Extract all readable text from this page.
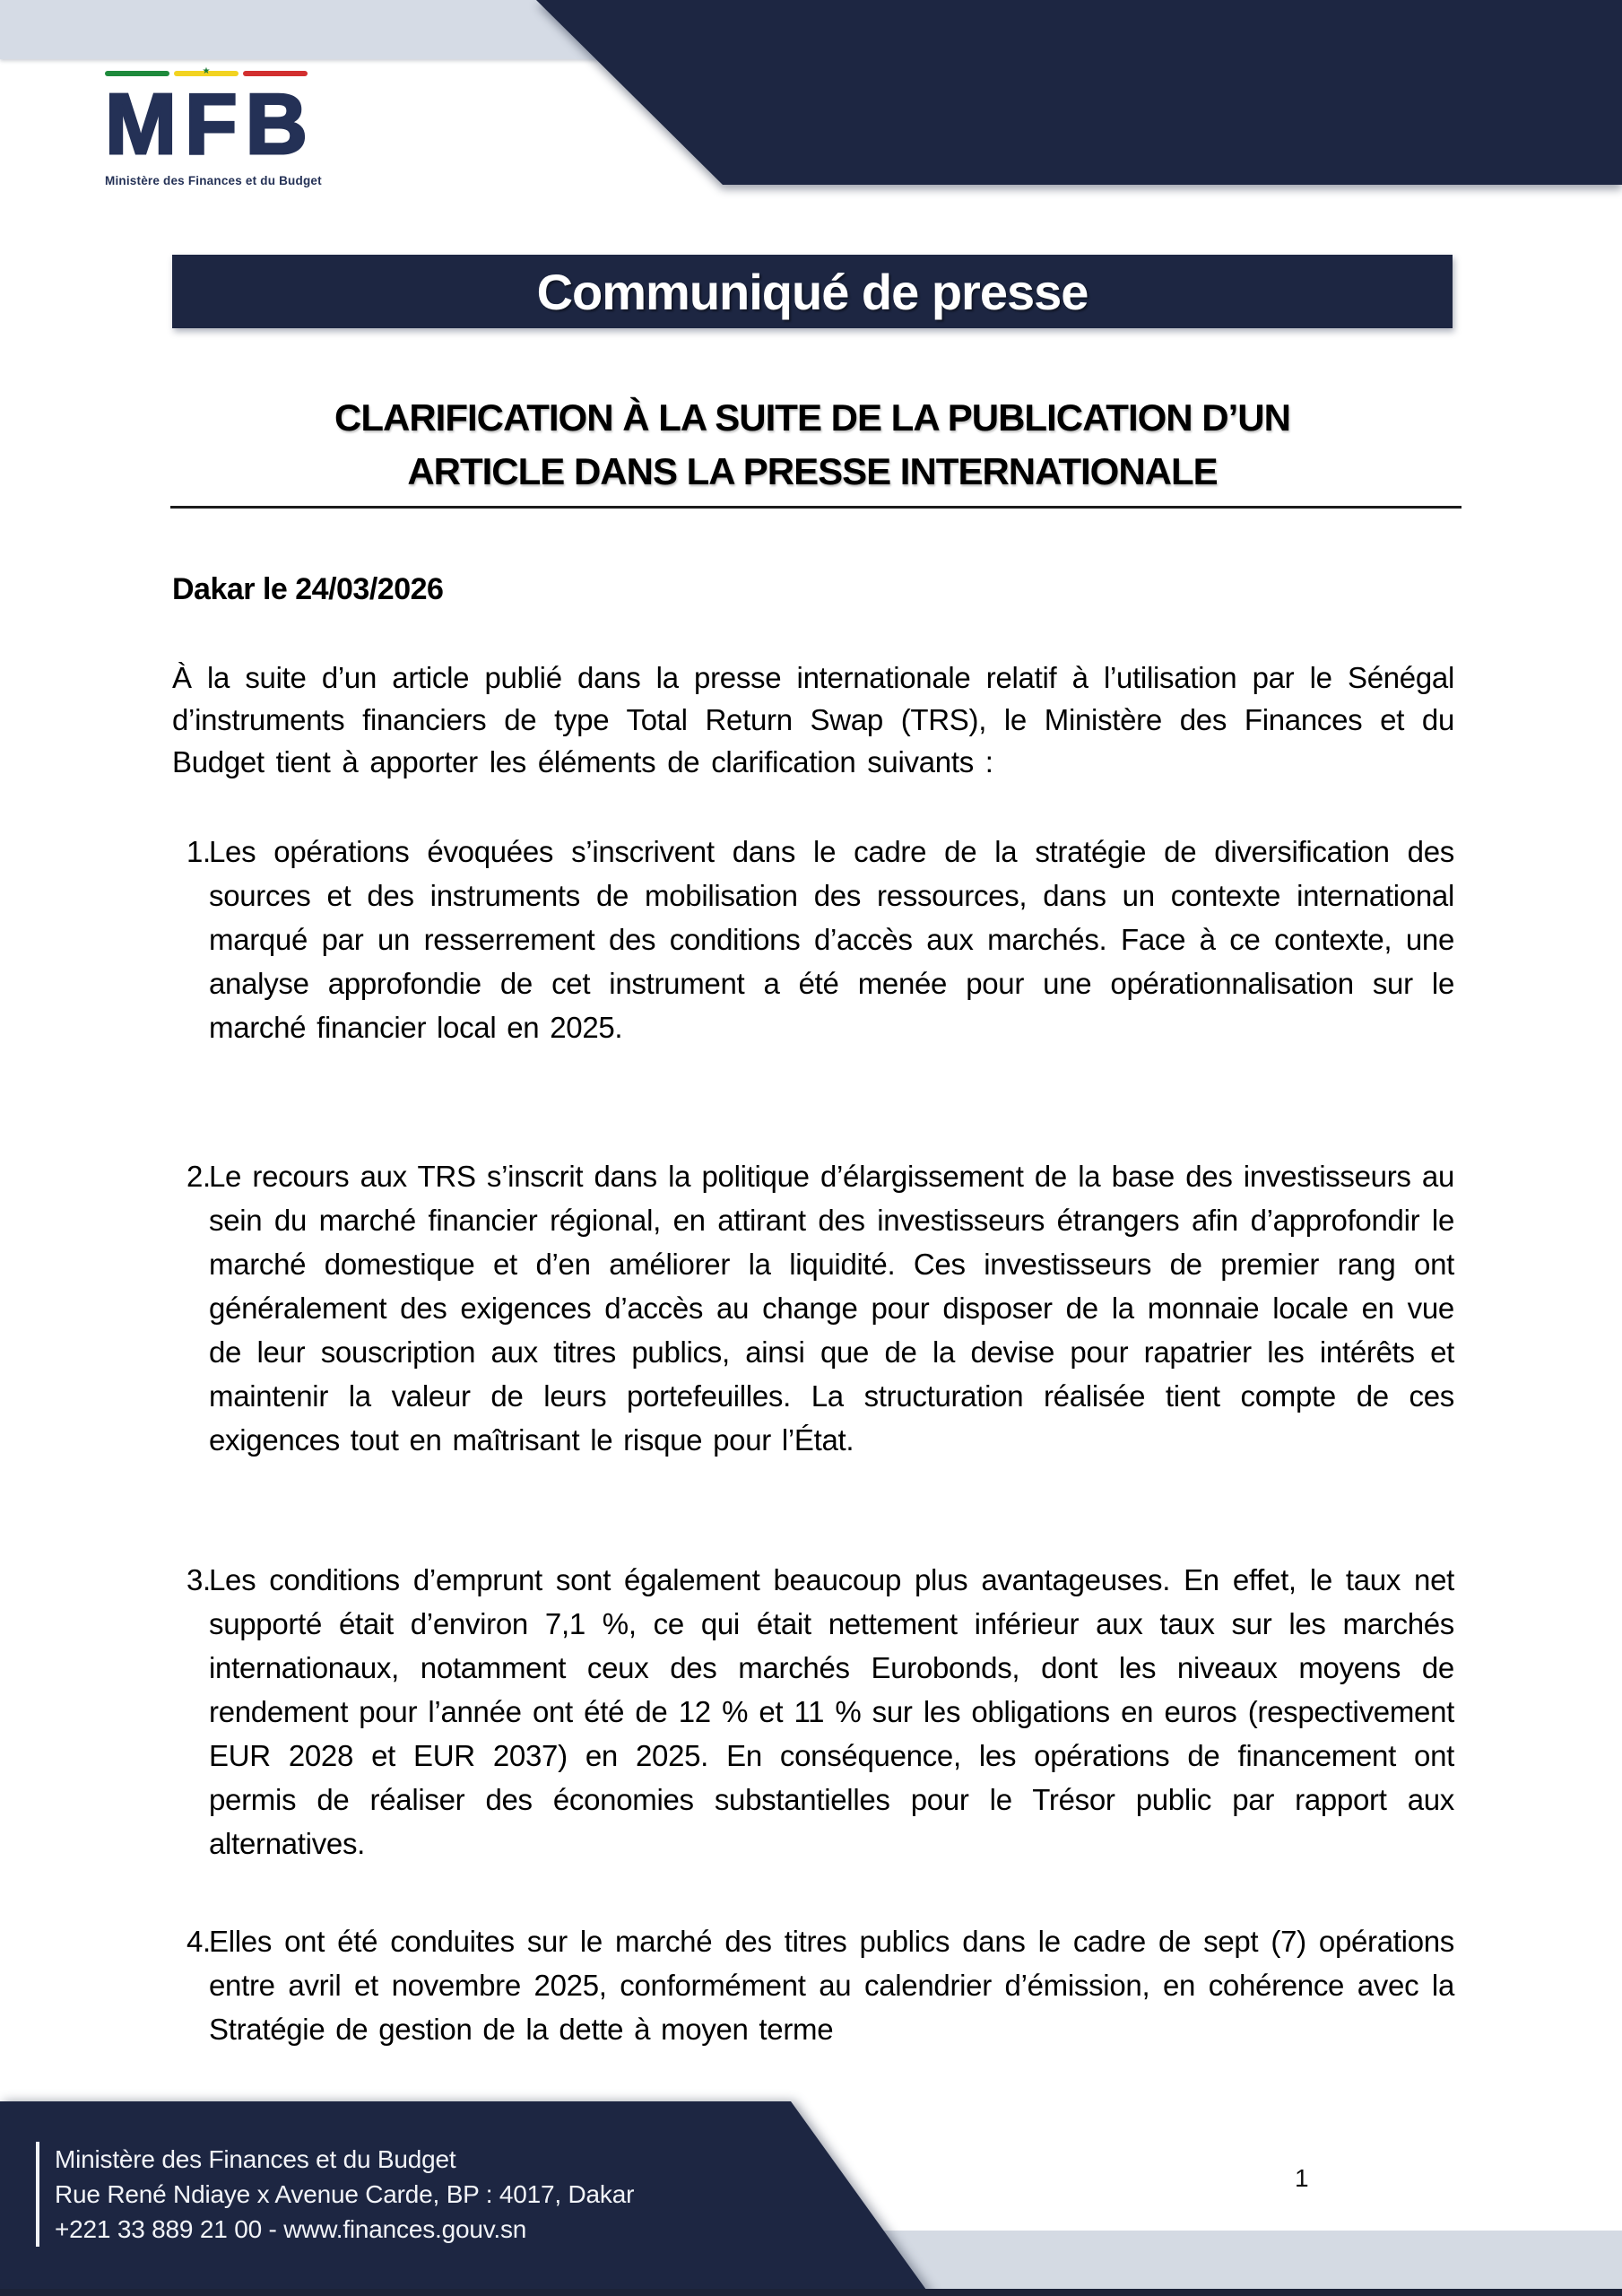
★
MFB
Ministère des Finances et du Budget
Communiqué de presse
CLARIFICATION À LA SUITE DE LA PUBLICATION D’UN
ARTICLE DANS LA PRESSE INTERNATIONALE
Dakar le 24/03/2026
À la suite d’un article publié dans la presse internationale relatif à l’utilisation par le Sénégal d’instruments financiers de type Total Return Swap (TRS), le Ministère des Finances et du Budget tient à apporter les éléments de clarification suivants :
1.
Les opérations évoquées s’inscrivent dans le cadre de la stratégie de diversification des sources et des instruments de mobilisation des ressources, dans un contexte international marqué par un resserrement des conditions d’accès aux marchés. Face à ce contexte, une analyse approfondie de cet instrument a été menée pour une opérationnalisation sur le marché financier local en 2025.
2.
Le recours aux TRS s’inscrit dans la politique d’élargissement de la base des investisseurs au sein du marché financier régional, en attirant des investisseurs étrangers afin d’approfondir le marché domestique et d’en améliorer la liquidité. Ces investisseurs de premier rang ont généralement des exigences d’accès au change pour disposer de la monnaie locale en vue de leur souscription aux titres publics, ainsi que de la devise pour rapatrier les intérêts et maintenir la valeur de leurs portefeuilles. La structuration réalisée tient compte de ces exigences tout en maîtrisant le risque pour l’État.
3.
Les conditions d’emprunt sont également beaucoup plus avantageuses. En effet, le taux net supporté était d’environ 7,1 %, ce qui était nettement inférieur aux taux sur les marchés internationaux, notamment ceux des marchés Eurobonds, dont les niveaux moyens de rendement pour l’année ont été de 12 % et 11 % sur les obligations en euros (respectivement EUR 2028 et EUR 2037) en 2025. En conséquence, les opérations de financement ont permis de réaliser des économies substantielles pour le Trésor public par rapport aux alternatives.
4.
Elles ont été conduites sur le marché des titres publics dans le cadre de sept (7) opérations entre avril et novembre 2025, conformément au calendrier d’émission, en cohérence avec la Stratégie de gestion de la dette à moyen terme
Ministère des Finances et du Budget
Rue René Ndiaye x Avenue Carde, BP : 4017, Dakar
+221 33 889 21 00 - www.finances.gouv.sn
1
